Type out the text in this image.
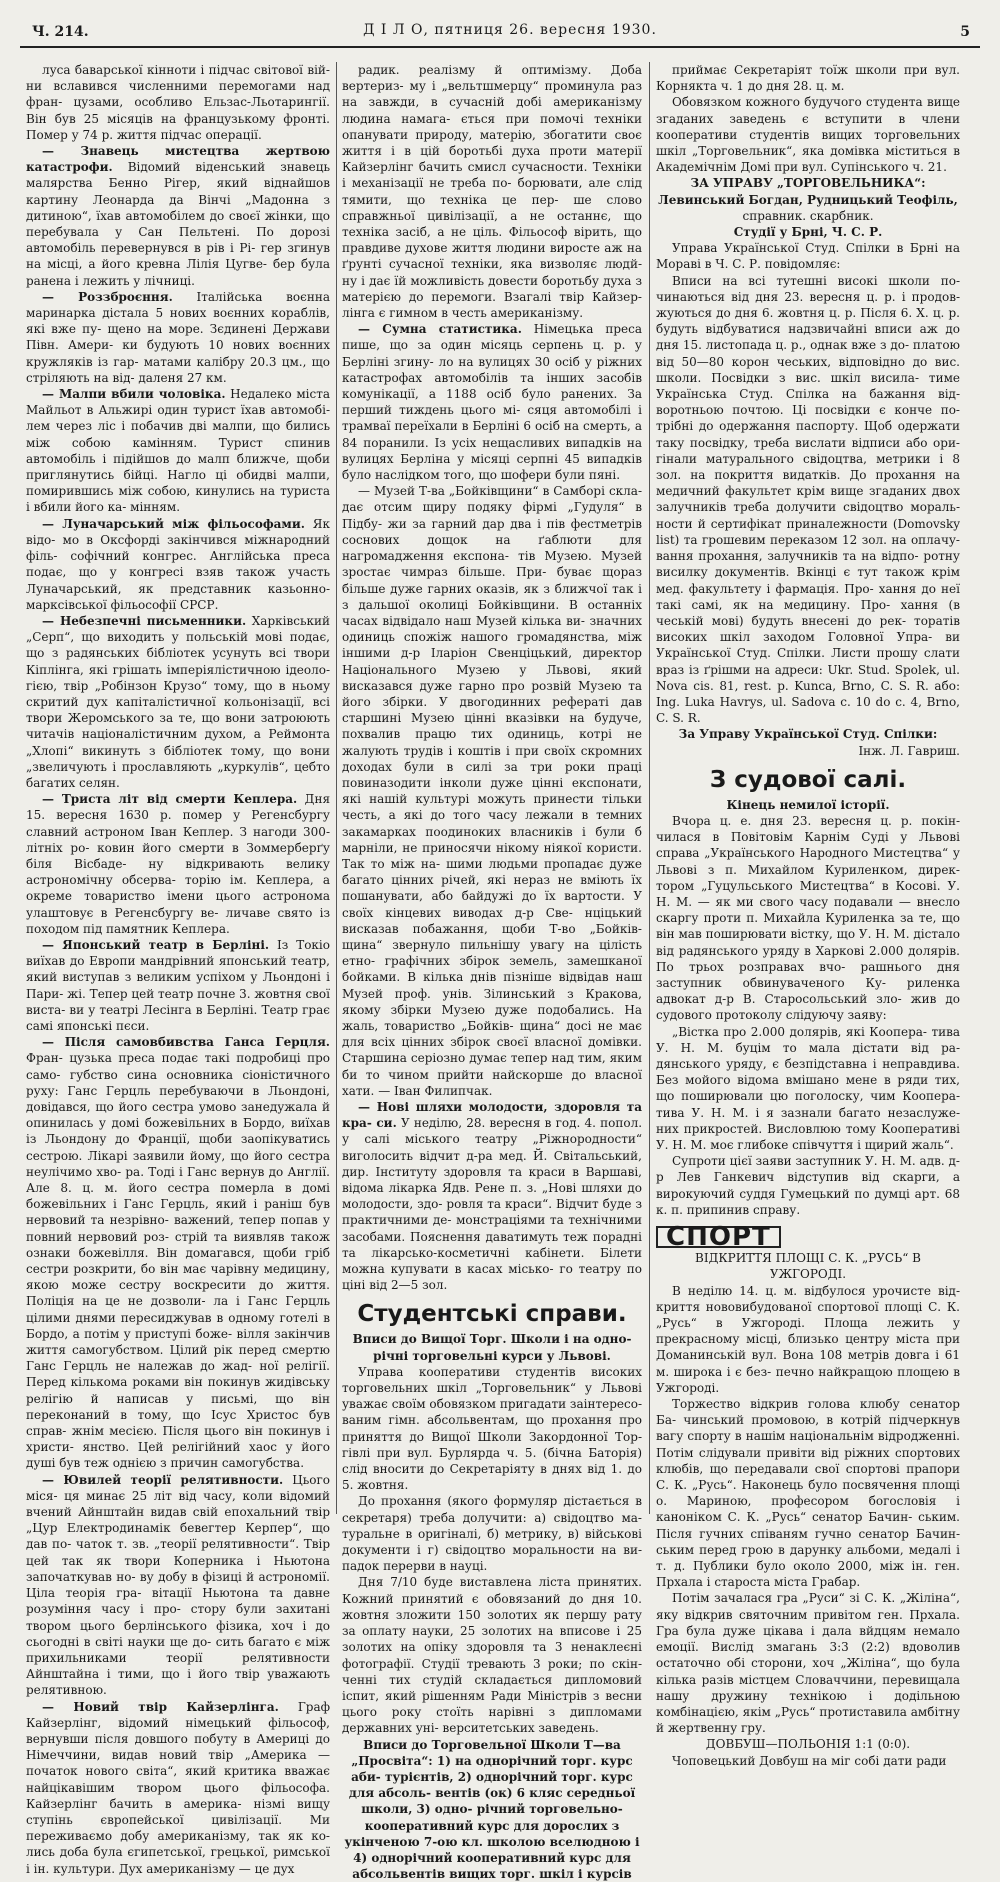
Ч. 214.	Д І Л О, пятниця 26. вересня 1930.	5

луса баварської кінноти і підчас світової вій- ни вславився численними перемогами над фран- цузами, особливо Ельзас-Льотарингії. Він був 25 місяців на французькому фронті. Помер у 74 р. життя підчас операції.

— Знавець мистецтва жертвою катастрофи. Відомий віденський знавець малярства Бенно Рігер, який віднайшов картину Леонарда да Вінчі „Мадонна з дитиною“, їхав автомобілем до своєї жінки, що перебувала у Сан Пельтені. По дорозі автомобіль перевернувся в рів і Рі- гер згинув на місці, а його кревна Лілія Цугве- бер була ранена і лежить у лічниці.

— Роззброєння. Італійська воєнна маринарка дістала 5 нових воєнних кораблів, які вже пу- щено на море. Зєдинені Держави Півн. Амери- ки будують 10 нових воєнних кружляків із гар- матами калібру 20.3 цм., що стріляють на від- даленя 27 км.

— Малпи вбили чоловіка. Недалеко міста Майльот в Альжирі один турист їхав автомобі- лем через ліс і побачив дві малпи, що бились між собою камінням. Турист спинив автомобіль і підійшов до малп ближче, щоби приглянутись бійці. Нагло ці обидві малпи, помирившись між собою, кинулись на туриста і вбили його ка- мінням.

— Луначарський між фільософами. Як відо- мо в Оксфорді закінчився міжнародний філь- софічний конгрес. Англійська преса подає, що у конгресі взяв також участь Луначарський, як представник казьонно-марксівської фільософії СРСР.

— Небезпечні письменники. Харківський „Серп“, що виходить у польській мові подає, що з радянських бібліотек усунуть всі твори Кіплінга, які грішать імперіялістичною ідеоло- гією, твір „Робінзон Крузо“ тому, що в ньому скритий дух капіталістичної кольонізації, всі твори Жеромського за те, що вони затроюють читачів націоналістичним духом, а Реймонта „Хлопі“ викинуть з бібліотек тому, що вони „звеличують і прославляють „куркулів“, цебто багатих селян.

— Триста літ від смерти Кеплера. Дня 15. вересня 1630 р. помер у Регенсбургу славний астроном Іван Кеплер. З нагоди 300-літніх ро- ковин його смерти в Зоммерберґу біля Вісбаде- ну відкривають велику астрономічну обсерва- торію ім. Кеплера, а окреме товариство імени цього астронома улаштовує в Регенсбургу ве- личаве свято із походом під памятник Кеплера.

— Японський театр в Берліні. Із Токіо виїхав до Европи мандрівний японський театр, який виступав з великим успіхом у Льондоні і Пари- жі. Тепер цей театр почне 3. жовтня свої виста- ви у театрі Лесінга в Берліні. Театр грає самі японські пєси.

— Після самовбивства Ганса Герцля. Фран- цузька преса подає такі подробиці про само- губство сина основника сіоністичного руху: Ганс Герцль перебуваючи в Льондоні, довідався, що його сестра умово занедужала й опинилась у домі божевільних в Бордо, виїхав із Льондону до Франції, щоби заопікуватись сестрою. Лікарі заявили йому, що його сестра неулічимо хво- ра. Тоді і Ганс вернув до Англії. Але 8. ц. м. його сестра померла в домі божевільних і Ганс Герцль, який і раніш був нервовий та незрівно- важений, тепер попав у повний нервовий роз- стрій та виявляв також ознаки божевілля. Він домагався, щоби гріб сестри розкрити, бо він має чарівну медицину, якою може сестру воскресити до життя. Поліція на це не дозволи- ла і Ганс Герцль цілими днями пересиджував в одному готелі в Бордо, а потім у приступі боже- вілля закінчив життя самогубством. Цілий рік перед смертю Ганс Герцль не належав до жад- ної релігії. Перед кількома роками він покинув жидівську релігію й написав у письмі, що він переконаний в тому, що Ісус Христос був справ- жнім месією. Після цього він покинув і христи- янство. Цей релігійний хаос у його душі був теж однією з причин самогубства.

— Ювилей теорії релятивности. Цього міся- ця минає 25 літ від часу, коли відомий вчений Айнштайн видав свій епохальний твір „Цур Електродинамік бевегтер Керпер“, що дав по- чаток т. зв. „теорії релятивности“. Твір цей так як твори Коперника і Ньютона започаткував но- ву добу в фізиці й астрономії. Ціла теорія гра- вітації Ньютона та давне розуміння часу і про- стору були захитані твором цього берлінського фізика, хоч і до сьогодні в світі науки ще до- сить багато є між прихильниками теорії релятивности Айнштайна і тими, що і його твір уважають релятивною.

— Новий твір Кайзерлінга. Граф Кайзерлінг, відомий німецький фільософ, вернувши після довшого побуту в Америці до Німеччини, видав новий твір „Америка — початок нового світа“, який критика вважає найцікавішим твором цього фільософа. Кайзерлінг бачить в америка- нізмі вищу ступінь європейської цивілізації. Ми переживаємо добу американізму, так як ко- лись доба була єгипетської, грецької, римської і ін. культури. Дух американізму — це дух

радик. реалізму й оптимізму. Доба вертериз- му і „вельтшмерцу“ проминула раз на завжди, в сучасній добі американізму людина намага- ється при помочі техніки опанувати природу, матерію, збогатити своє життя і в цій боротьбі духа проти матерії Кайзерлінг бачить смисл сучасности. Техніки і механізації не треба по- борювати, але слід тямити, що техніка це пер- ше слово справжньої цивілізації, а не останнє, що техніка засіб, а не ціль. Фільософ вірить, що правдиве духове життя людини виросте аж на ґрунті сучасної техніки, яка визволяє людй- ну і дає їй можливість довести боротьбу духа з матерією до перемоги. Взагалі твір Кайзер- лінга є гимном в честь американізму.

— Сумна статистика. Німецька преса пише, що за один місяць серпень ц. р. у Берліні згину- ло на вулицях 30 осіб у ріжних катастрофах автомобілів та інших засобів комунікації, а 1188 осіб було ранених. За перший тиждень цього мі- сяця автомобілі і трамваї переїхали в Берліні 6 осіб на смерть, а 84 поранили. Із усіх нещасливих випадків на вулицях Берліна у місяці серпні 45 випадків було наслідком того, що шофери були пяні.

— Музей Т-ва „Бойківщини“ в Самборі скла- дає отсим щиру подяку фірмі „Гудуля“ в Підбу- жи за гарний дар два і пів фестметрів соснових дощок на ґаблюти для нагромадження експона- тів Музею. Музей зростає чимраз більше. При- буває щораз більше дуже гарних оказів, як з ближчої так і з дальшої околиці Бойківщини. В останніх часах відвідало наш Музей кілька ви- значних одиниць спожіж нашого громадянства, між іншими д-р Іларіон Свенціцький, директор Національного Музею у Львові, який висказався дуже гарно про розвій Музею та його збірки. У двогодинних рефераті дав старшині Музею цінні вказівки на будуче, похвалив працю тих одиниць, котрі не жалують трудів і коштів і при своїх скромних доходах були в силі за три роки праці повиназодити інколи дуже цінні експонати, які нашій культурі можуть принести тільки честь, а які до того часу лежали в темних закамарках поодиноких власників і були б марніли, не приносячи нікому ніякої користи. Так то між на- шими людьми пропадає дуже багато цінних річей, які нераз не вміють їх пошанувати, або байдужі до їх вартости. У своїх кінцевих виводах д-р Све- нціцький висказав побажання, щоби Т-во „Бойків- щина“ звернуло пильнішу увагу на цілість етно- графічних збірок земель, замешканої бойками. В кілька днів пізніше відвідав наш Музей проф. унів. Зілинський з Кракова, якому збірки Музею дуже подобались. На жаль, товариство „Бойків- щина“ досі не має для всіх цінних збірок своєї власної домівки. Старшина серіозно думає тепер над тим, яким би то чином прийти найскорше до власної хати. — Іван Филипчак.

— Нові шляхи молодости, здоровля та кра- си. У неділю, 28. вересня в год. 4. попол. у салі міського театру „Ріжнородности“ виголосить відчит д-ра мед. Й. Світальський, дир. Інституту здоровля та краси в Варшаві, відома лікарка Ядв. Рене п. з. „Нові шляхи до молодости, здо- ровля та краси“. Відчит буде з практичними де- монстраціями та технічними засобами. Пояснення даватимуть теж порадні та лікарсько-косметичні кабінети. Білети можна купувати в касах місько- го театру по ціні від 2—5 зол.

Студентські справи.

Вписи до Вищої Торг. Школи і на одно- річні торговельні курси у Львові.

Управа кооперативи студентів високих торговельних шкіл „Торговельник“ у Львові уважає своїм обовязком пригадати заінтересо- ваним гімн. абсольвентам, що прохання про приняття до Вищої Школи Закордонної Тор- гівлі при вул. Бурлярда ч. 5. (бічна Баторія) слід вносити до Секретаріяту в днях від 1. до 5. жовтня.

До прохання (якого формуляр дістається в секретаря) треба долучити: а) свідоцтво ма- туральне в оригіналі, б) метрику, в) військові документи і г) свідоцтво моральности на ви- падок перерви в науці.

Дня 7/10 буде виставлена ліста принятих. Кожний принятий є обовязаний до дня 10. жовтня зложити 150 золотих як першу рату за оплату науки, 25 золотих на вписове і 25 золотих на опіку здоровля та 3 ненаклеєні фотографії. Студії тревають 3 роки; по скін- ченні тих студій складається дипломовий іспит, який рішенням Ради Міністрів з весни цього року стоїть нарівні з дипломами державних уні- верситетських заведень.

Вписи до Торговельної Школи Т—ва „Просвіта“: 1) на однорічний торг. курс аби- турієнтів, 2) однорічний торг. курс для абсоль- вентів (ок) 6 кляс середньої школи, 3) одно- річний торговельно-кооперативний курс для дорослих з укінченою 7-ою кл. школою вселюдною і 4) однорічний кооперативний курс для абсольвентів вищих торг. шкіл і курсів

приймає Секретаріят тоїж школи при вул. Корнякта ч. 1 до дня 28. ц. м.

Обовязком кожного будучого студента вище згаданих заведень є вступити в члени кооперативи студентів вищих торговельних шкіл „Торговельник“, яка домівка міститься в Академічнім Домі при вул. Супінського ч. 21.

ЗА УПРАВУ „ТОРГОВЕЛЬНИКА“:

Левинський Богдан, Рудницький Теофіль,

справник. скарбник.

Студії у Брні, Ч. С. Р.

Управа Української Студ. Спілки в Брні на Мораві в Ч. С. Р. повідомляє:

Вписи на всі тутешні високі школи по- чинаються від дня 23. вересня ц. р. і продов- жуються до дня 6. жовтня ц. р. Після 6. Х. ц. р. будуть відбуватися надзвичайні вписи аж до дня 15. листопада ц. р., однак вже з до- платою від 50—80 корон чеських, відповідно до вис. школи. Посвідки з вис. шкіл висила- тиме Українська Студ. Спілка на бажання від- воротньою почтою. Ці посвідки є конче по- трібні до одержання паспорту. Щоб одержати таку посвідку, треба вислати відписи або ори- гінали матурального свідоцтва, метрики і 8 зол. на покриття видатків. До прохання на медичний факультет крім вище згаданих двох залучників треба долучити свідоцтво мораль- ности й сертифікат приналежности (Domovsky list) та грошевим переказом 12 зол. на оплачу- вання прохання, залучників та на відпо- ротну висилку документів. Вкінці є тут також крім мед. факультету і фармація. Про- хання до неї такі самі, як на медицину. Про- хання (в чеській мові) будуть внесені до рек- торатів високих шкіл заходом Головної Упра- ви Української Студ. Спілки. Листи прошу слати враз із ґрішми на адреси: Ukr. Stud. Spolek, ul. Nova cis. 81, rest. p. Kunca, Brno, C. S. R. або: Ing. Luka Havrys, ul. Sadova c. 10 do c. 4, Brno, C. S. R.

За Управу Української Студ. Спілки:

Інж. Л. Гавриш.

З судової салі.

Кінець немилої історії.

Вчора ц. е. дня 23. вересня ц. р. покін- чилася в Повітовім Карнім Суді у Львові справа „Українського Народного Мистецтва“ у Львові з п. Михайлом Куриленком, дирек- тором „Гуцульського Мистецтва“ в Косові. У. Н. М. — як ми свого часу подавали — внесло скаргу проти п. Михайла Куриленка за те, що він мав поширювати вістку, що У. Н. М. дістало від радянського уряду в Харкові 2.000 долярів. По трьох розправах вчо- рашнього дня заступник обвинуваченого Ку- риленка адвокат д-р В. Старосольський зло- жив до судового протоколу слідуючу заяву:

„Вістка про 2.000 долярів, які Коопера- тива У. Н. М. буцім то мала дістати від ра- дянського уряду, є безпідставна і неправдива. Без мойого відома вмішано мене в ряди тих, що поширювали цю поголоску, чим Коопера- тива У. Н. М. і я зазнали багато незаслуже- них прикростей. Висловлюю тому Кооперативі У. Н. М. моє глибоке співчуття і щирий жаль“.

Супроти цієї заяви заступник У. Н. М. адв. д-р Лев Ганкевич відступив від скарги, а вирокуючий суддя Гумецький по думці арт. 68 к. п. припинив справу.

СПОРТ

ВІДКРИТТЯ ПЛОЩІ С. К. „РУСЬ“ В УЖГОРОДІ.

В неділю 14. ц. м. відбулося урочисте від- криття нововибудованої спортової площі С. К. „Русь“ в Ужгороді. Площа лежить у прекрасному місці, близько центру міста при Доманинській вул. Вона 108 метрів довга і 61 м. широка і є без- печно найкращою площею в Ужгороді.

Торжество відкрив голова клюбу сенатор Ба- чинський промовою, в котрій підчеркнув вагу спорту в нашім національнім відродженні. Потім слідували привіти від ріжних спортових клюбів, що передавали свої спортові прапори С. К. „Русь“. Наконець було посвячення площі о. Мариною, професором богословія і каноніком С. К. „Русь“ сенатор Бачин- ським. Після гучних співаням гучно сенатор Бачин- ським перед грою в дарунку альбоми, медалі і т. д. Публики було около 2000, між ін. ген. Прхала і староста міста Грабар.

Потім зачалася гра „Руси“ зі С. К. „Жіліна“, яку відкрив святочним привітом ген. Прхала. Гра була дуже цікава і дала вйдцям немало емоції. Вислід змагань 3:3 (2:2) вдоволив остаточно обі сторони, хоч „Жіліна“, що була кілька разів містцем Словаччини, перевищала нашу дружину технікою і додільною комбінацією, якім „Русь“ протиставила амбітну й жертвенну гру.

ДОВБУШ—ПОЛЬОНІЯ 1:1 (0:0).

Чоповецький Довбуш на міг собі дати ради
